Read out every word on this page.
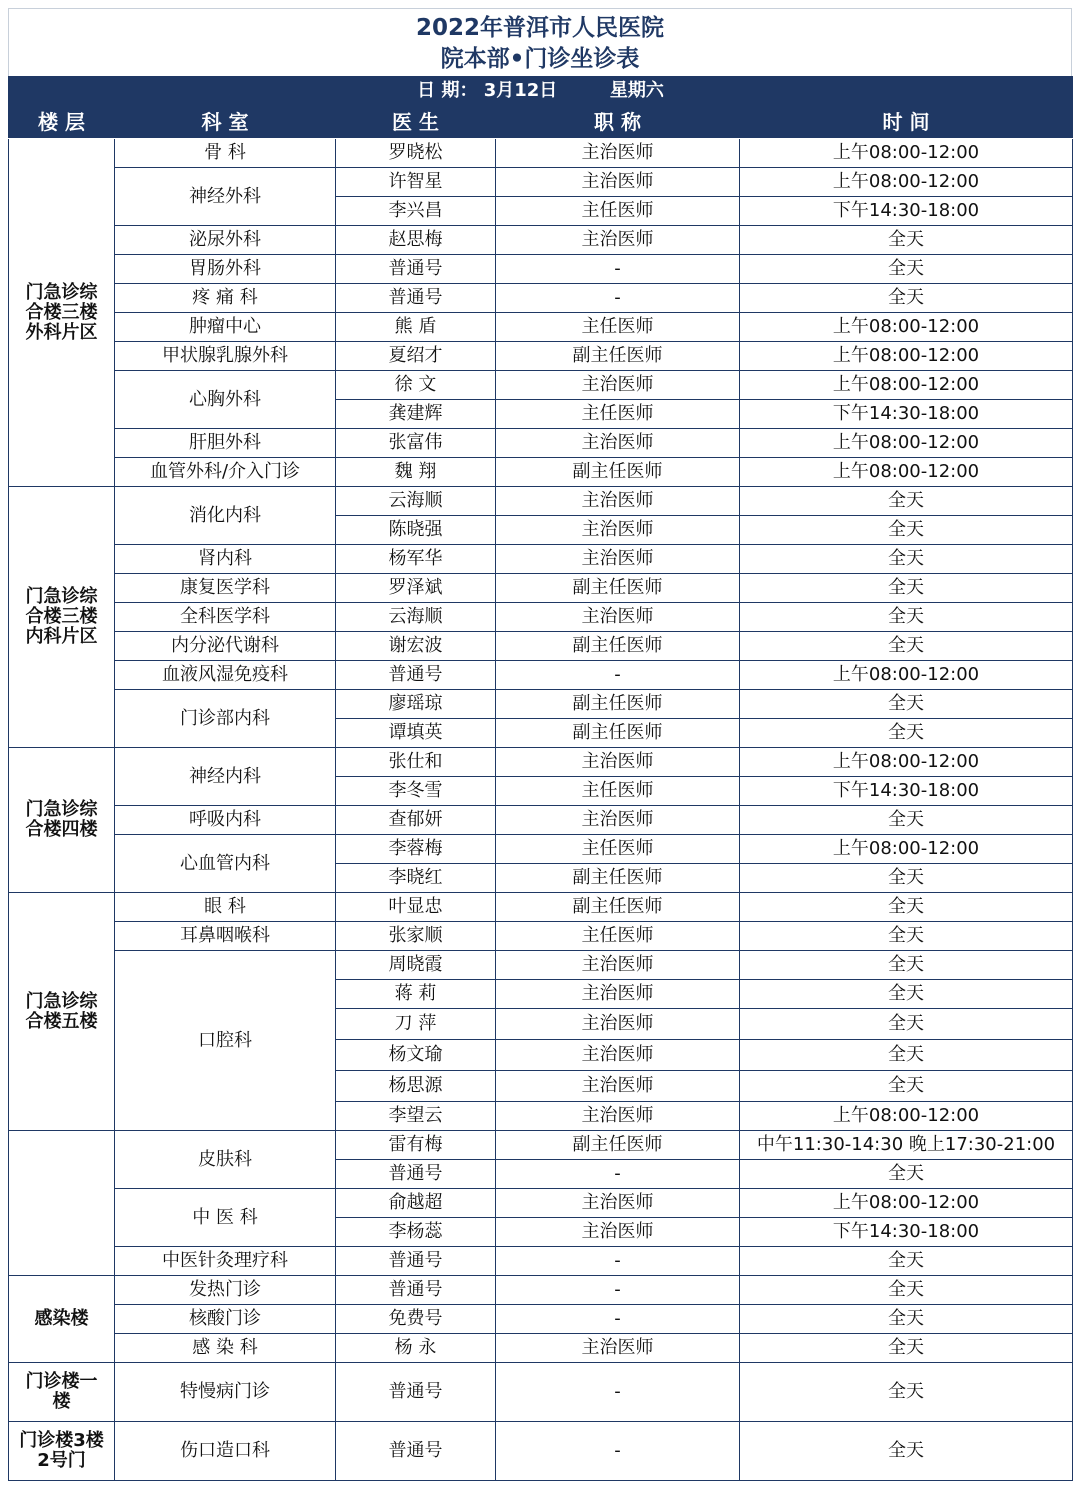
2022年普洱市人民医院
院本部•门诊坐诊表
日 期： 3月12日 星期六				
楼 层	科 室	医 生	职 称	时 间
门急诊综
合楼三楼
外科片区	骨 科	罗晓松	主治医师	上午08:00-12:00
	神经外科	许智星	主治医师	上午08:00-12:00
		李兴昌	主任医师	下午14:30-18:00
	泌尿外科	赵思梅	主治医师	全天
	胃肠外科	普通号	-	全天
	疼 痛 科	普通号	-	全天
	肿瘤中心	熊 盾	主任医师	上午08:00-12:00
	甲状腺乳腺外科	夏绍才	副主任医师	上午08:00-12:00
	心胸外科	徐 文	主治医师	上午08:00-12:00
		龚建辉	主任医师	下午14:30-18:00
	肝胆外科	张富伟	主治医师	上午08:00-12:00
	血管外科/介入门诊	魏 翔	副主任医师	上午08:00-12:00
门急诊综
合楼三楼
内科片区	消化内科	云海顺	主治医师	全天
		陈晓强	主治医师	全天
	肾内科	杨军华	主治医师	全天
	康复医学科	罗泽斌	副主任医师	全天
	全科医学科	云海顺	主治医师	全天
	内分泌代谢科	谢宏波	副主任医师	全天
	血液风湿免疫科	普通号	-	上午08:00-12:00
	门诊部内科	廖瑶琼	副主任医师	全天
		谭填英	副主任医师	全天
门急诊综
合楼四楼	神经内科	张仕和	主治医师	上午08:00-12:00
		李冬雪	主任医师	下午14:30-18:00
	呼吸内科	查郁妍	主治医师	全天
	心血管内科	李蓉梅	主任医师	上午08:00-12:00
		李晓红	副主任医师	全天
门急诊综
合楼五楼	眼 科	叶显忠	副主任医师	全天
	耳鼻咽喉科	张家顺	主任医师	全天
	口腔科	周晓霞	主治医师	全天
		蒋 莉	主治医师	全天
		刀 萍	主治医师	全天
		杨文瑜	主治医师	全天
		杨思源	主治医师	全天
		李望云	主治医师	上午08:00-12:00
	皮肤科	雷有梅	副主任医师	中午11:30-14:30 晚上17:30-21:00
		普通号	-	全天
	中 医 科	俞越超	主治医师	上午08:00-12:00
		李杨蕊	主治医师	下午14:30-18:00
	中医针灸理疗科	普通号	-	全天
感染楼	发热门诊	普通号	-	全天
	核酸门诊	免费号	-	全天
	感 染 科	杨 永	主治医师	全天
门诊楼一
楼	特慢病门诊	普通号	-	全天
门诊楼3楼
2号门	伤口造口科	普通号	-	全天
